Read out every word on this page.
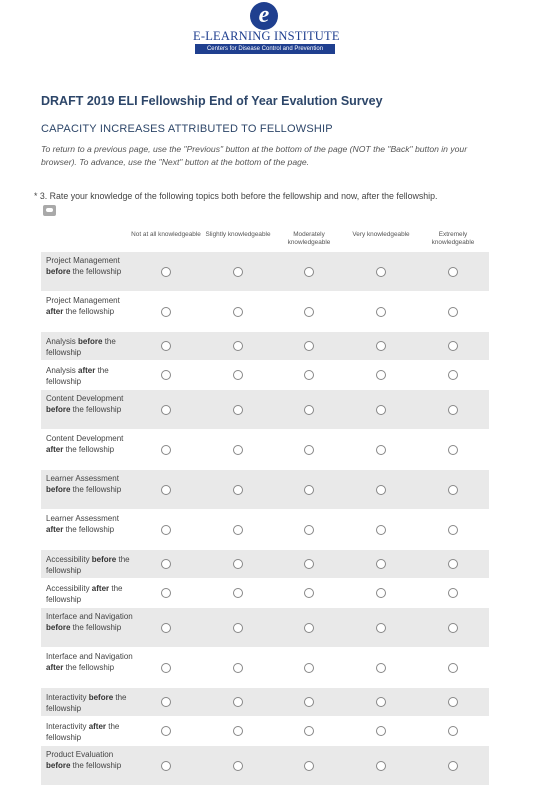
e
E-LEARNING INSTITUTE
Centers for Disease Control and Prevention
DRAFT 2019 ELI Fellowship End of Year Evalution Survey
CAPACITY INCREASES ATTRIBUTED TO FELLOWSHIP
To return to a previous page, use the "Previous" button at the bottom of the page (NOT the "Back" button in your browser). To advance, use the "Next" button at the bottom of the page.
* 3. Rate your knowledge of the following topics both before the fellowship and now, after the fellowship.
Not at all knowledgeable Slightly knowledgeable	Moderately knowledgeable
Very knowledgeable	Extremely knowledgeable
Project Management before the fellowship
Project Management after the fellowship
Analysis before the fellowship
Analysis after the fellowship
Content Development before the fellowship
Content Development after the fellowship
Learner Assessment before the fellowship
Learner Assessment after the fellowship
Accessibility before the fellowship
Accessibility after the fellowship
Interface and Navigation before the fellowship
Interface and Navigation after the fellowship
Interactivity before the fellowship
Interactivity after the fellowship
Product Evaluation before the fellowship
